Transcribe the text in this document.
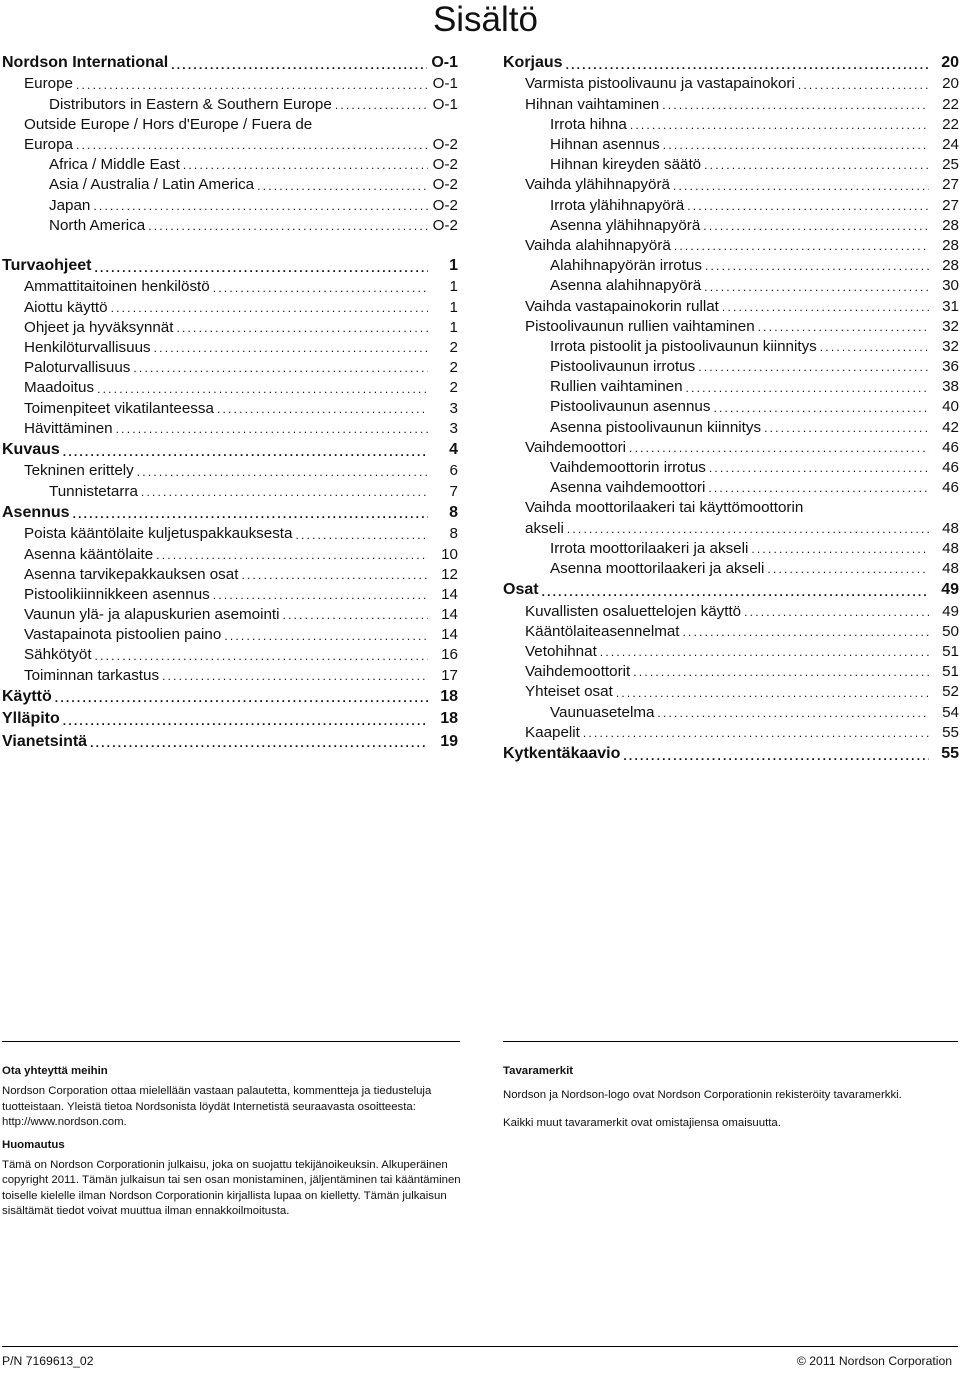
Sisältö
Nordson International .....	O-1
Europe .....	O-1
Distributors in Eastern & Southern Europe .....	O-1
Outside Europe / Hors d'Europe / Fuera de
Europa .....	O-2
Africa / Middle East .....	O-2
Asia / Australia / Latin America .....	O-2
Japan .....	O-2
North America .....	O-2
Turvaohjeet .....	1
Ammattitaitoinen henkilöstö .....	1
Aiottu käyttö .....	1
Ohjeet ja hyväksynnät .....	1
Henkilöturvallisuus .....	2
Paloturvallisuus .....	2
Maadoitus .....	2
Toimenpiteet vikatilanteessa .....	3
Hävittäminen .....	3
Kuvaus .....	4
Tekninen erittely .....	6
Tunnistetarra .....	7
Asennus .....	8
Poista kääntölaite kuljetuspakkauksesta .....	8
Asenna kääntölaite .....	10
Asenna tarvikepakkauksen osat .....	12
Pistoolikiinnikkeen asennus .....	14
Vaunun ylä- ja alapuskurien asemointi .....	14
Vastapainota pistoolien paino .....	14
Sähkötyöt .....	16
Toiminnan tarkastus .....	17
Käyttö .....	18
Ylläpito .....	18
Vianetsintä .....	19
Korjaus .....	20
Varmista pistoolivaunu ja vastapainokori .....	20
Hihnan vaihtaminen .....	22
Irrota hihna .....	22
Hihnan asennus .....	24
Hihnan kireyden säätö .....	25
Vaihda ylähihnapyörä .....	27
Irrota ylähihnapyörä .....	27
Asenna ylähihnapyörä .....	28
Vaihda alahihnapyörä .....	28
Alahihnapyörän irrotus .....	28
Asenna alahihnapyörä .....	30
Vaihda vastapainokorin rullat .....	31
Pistoolivaunun rullien vaihtaminen .....	32
Irrota pistoolit ja pistoolivaunun kiinnitys .....	32
Pistoolivaunun irrotus .....	36
Rullien vaihtaminen .....	38
Pistoolivaunun asennus .....	40
Asenna pistoolivaunun kiinnitys .....	42
Vaihdemoottori .....	46
Vaihdemoottorin irrotus .....	46
Asenna vaihdemoottori .....	46
Vaihda moottorilaakeri tai käyttömoottorin
akseli .....	48
Irrota moottorilaakeri ja akseli .....	48
Asenna moottorilaakeri ja akseli .....	48
Osat .....	49
Kuvallisten osaluettelojen käyttö .....	49
Kääntölaiteasennelmat .....	50
Vetohihnat .....	51
Vaihdemoottorit .....	51
Yhteiset osat .....	52
Vaunuasetelma .....	54
Kaapelit .....	55
Kytkentäkaavio .....	55
Ota yhteyttä meihin

Nordson Corporation ottaa mielellään vastaan palautetta, kommentteja ja tiedusteluja tuotteistaan. Yleistä tietoa Nordsonista löydät Internetistä seuraavasta osoitteesta: http://www.nordson.com.

Huomautus

Tämä on Nordson Corporationin julkaisu, joka on suojattu tekijänoikeuksin. Alkuperäinen copyright 2011. Tämän julkaisun tai sen osan monistaminen, jäljentäminen tai kääntäminen toiselle kielelle ilman Nordson Corporationin kirjallista lupaa on kielletty. Tämän julkaisun sisältämät tiedot voivat muuttua ilman ennakkoilmoitusta.

Tavaramerkit

Nordson ja Nordson-logo ovat Nordson Corporationin rekisteröity tavaramerkki.

Kaikki muut tavaramerkit ovat omistajiensa omaisuutta.

P/N 7169613_02	© 2011 Nordson Corporation
